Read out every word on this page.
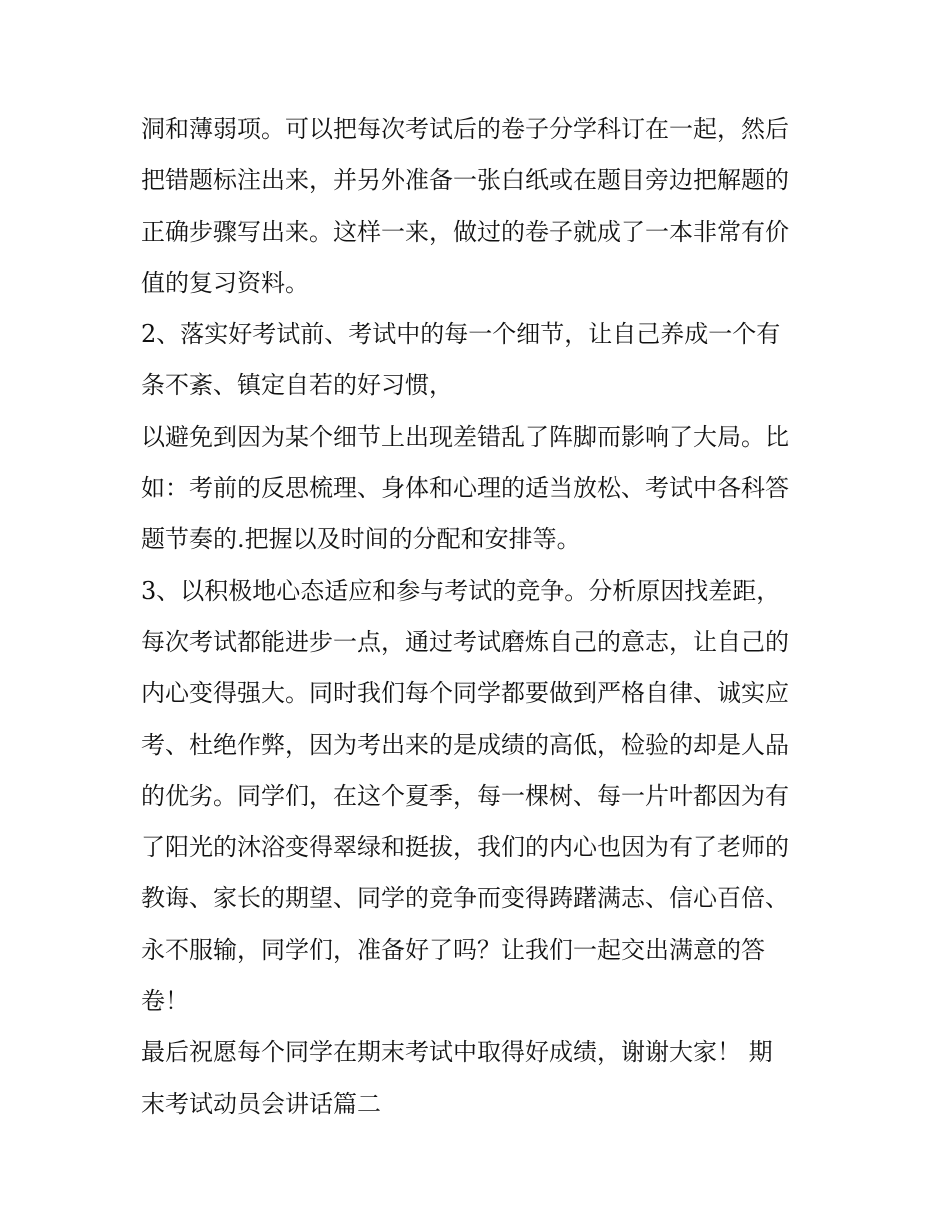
洞和薄弱项。可以把每次考试后的卷子分学科订在一起，然后
把错题标注出来，并另外准备一张白纸或在题目旁边把解题的
正确步骤写出来。这样一来，做过的卷子就成了一本非常有价
值的复习资料。
2、落实好考试前、考试中的每一个细节，让自己养成一个有
条不紊、镇定自若的好习惯，
以避免到因为某个细节上出现差错乱了阵脚而影响了大局。比
如：考前的反思梳理、身体和心理的适当放松、考试中各科答
题节奏的.把握以及时间的分配和安排等。
3、以积极地心态适应和参与考试的竞争。分析原因找差距，
每次考试都能进步一点，通过考试磨炼自己的意志，让自己的
内心变得强大。同时我们每个同学都要做到严格自律、诚实应
考、杜绝作弊，因为考出来的是成绩的高低，检验的却是人品
的优劣。同学们，在这个夏季，每一棵树、每一片叶都因为有
了阳光的沐浴变得翠绿和挺拔，我们的内心也因为有了老师的
教诲、家长的期望、同学的竞争而变得踌躇满志、信心百倍、
永不服输，同学们，准备好了吗？让我们一起交出满意的答
卷！
最后祝愿每个同学在期末考试中取得好成绩，谢谢大家！ 期
末考试动员会讲话篇二
